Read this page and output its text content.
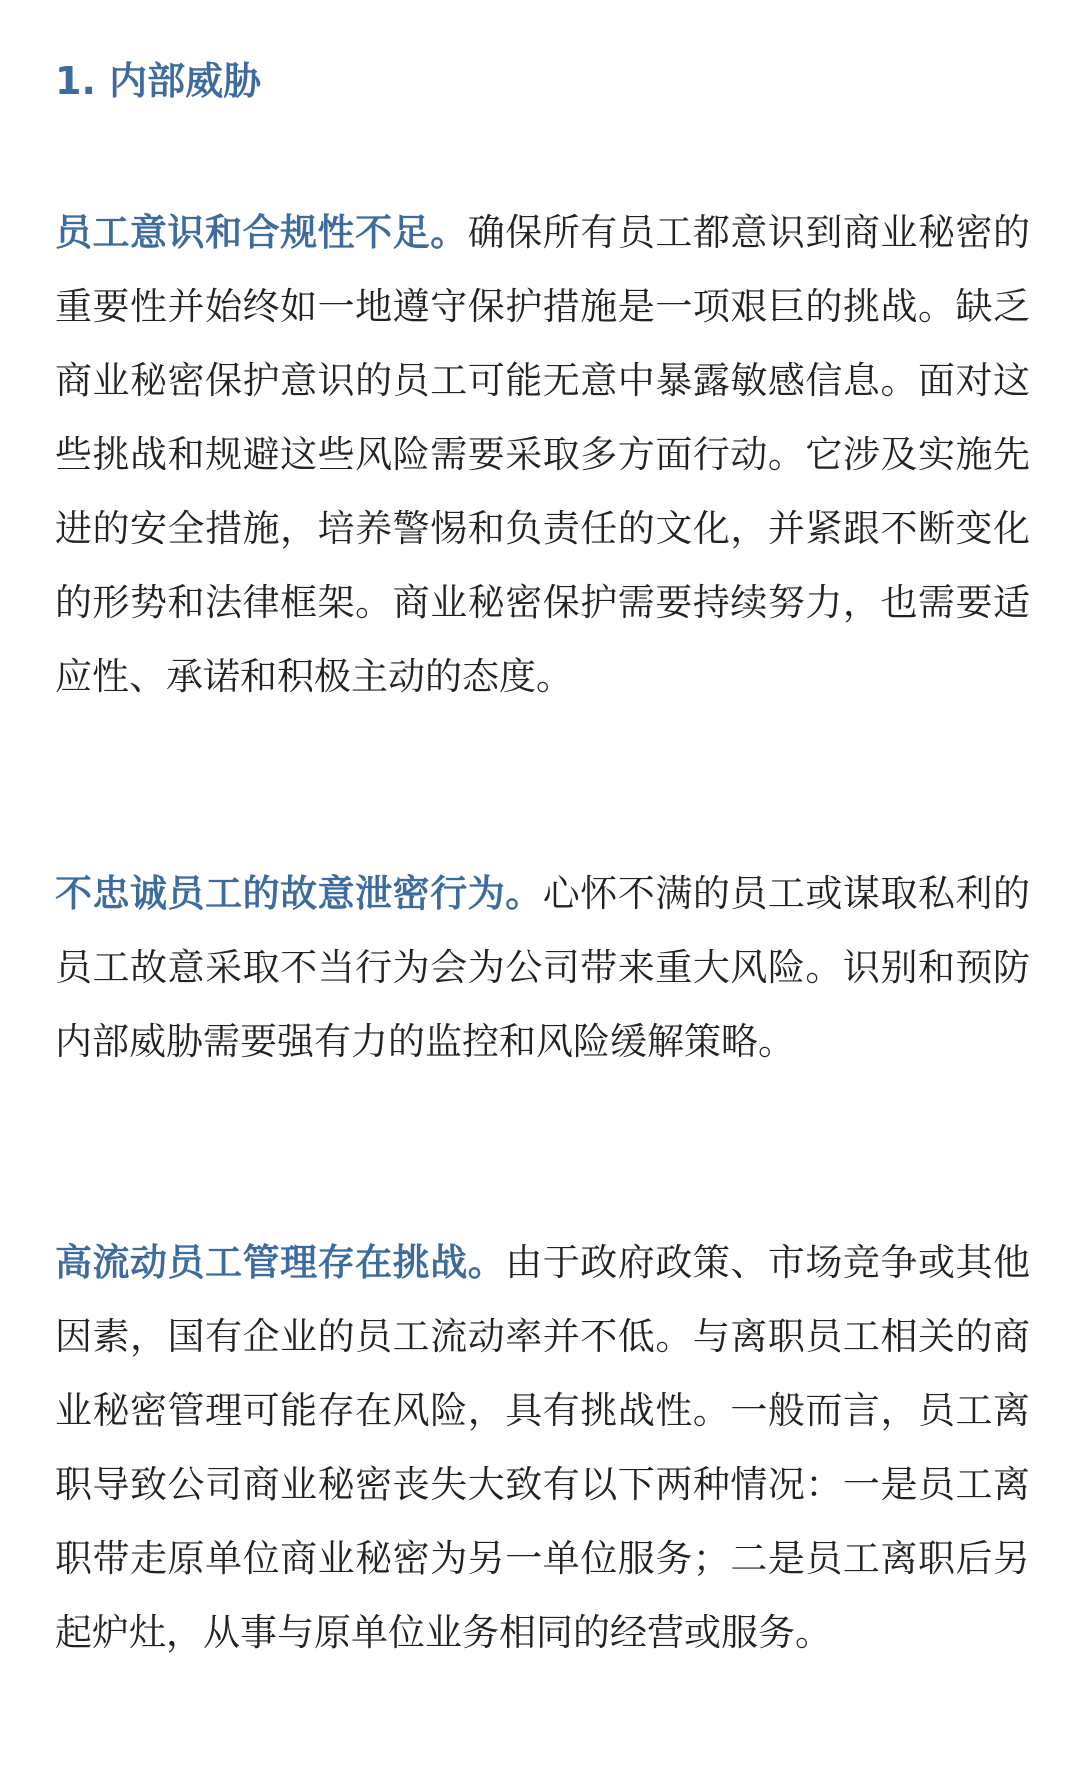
1. 内部威胁

员工意识和合规性不足。确保所有员工都意识到商业秘密的重要性并始终如一地遵守保护措施是一项艰巨的挑战。缺乏商业秘密保护意识的员工可能无意中暴露敏感信息。面对这些挑战和规避这些风险需要采取多方面行动。它涉及实施先进的安全措施，培养警惕和负责任的文化，并紧跟不断变化的形势和法律框架。商业秘密保护需要持续努力，也需要适应性、承诺和积极主动的态度。

不忠诚员工的故意泄密行为。心怀不满的员工或谋取私利的员工故意采取不当行为会为公司带来重大风险。识别和预防内部威胁需要强有力的监控和风险缓解策略。

高流动员工管理存在挑战。由于政府政策、市场竞争或其他因素，国有企业的员工流动率并不低。与离职员工相关的商业秘密管理可能存在风险，具有挑战性。一般而言，员工离职导致公司商业秘密丧失大致有以下两种情况：一是员工离职带走原单位商业秘密为另一单位服务；二是员工离职后另起炉灶，从事与原单位业务相同的经营或服务。
